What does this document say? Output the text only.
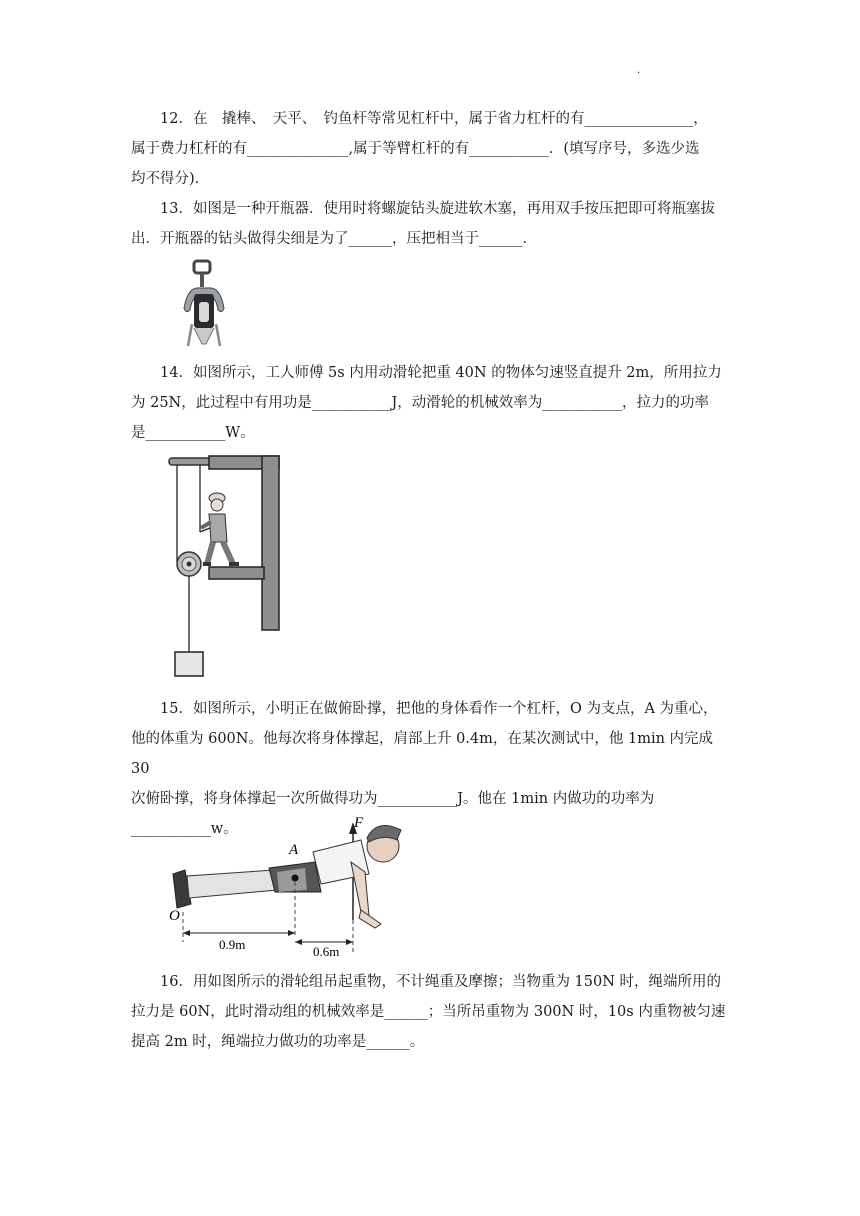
·

12．在　撬棒、　天平、　钓鱼杆等常见杠杆中，属于省力杠杆的有_______________，

属于费力杠杆的有______________,属于等臂杠杆的有___________．(填写序号，多选少选

均不得分)．

13．如图是一种开瓶器．使用时将螺旋钻头旋进软木塞，再用双手按压把即可将瓶塞拔

出．开瓶器的钻头做得尖细是为了______，压把相当于______．

14．如图所示，工人师傅 5s 内用动滑轮把重 40N 的物体匀速竖直提升 2m，所用拉力

为 25N，此过程中有用功是___________J，动滑轮的机械效率为___________，拉力的功率

是___________W。

15．如图所示，小明正在做俯卧撑，把他的身体看作一个杠杆，O 为支点，A 为重心，

他的体重为 600N。他每次将身体撑起，肩部上升 0.4m，在某次测试中，他 1min 内完成 30

次俯卧撑，将身体撑起一次所做得功为___________J。他在 1min 内做功的功率为

___________w。	F
A
O
0.9m	0.6m

16．用如图所示的滑轮组吊起重物，不计绳重及摩擦；当物重为 150N 时，绳端所用的

拉力是 60N，此时滑动组的机械效率是______；当所吊重物为 300N 时，10s 内重物被匀速

提高 2m 时，绳端拉力做功的功率是______。
